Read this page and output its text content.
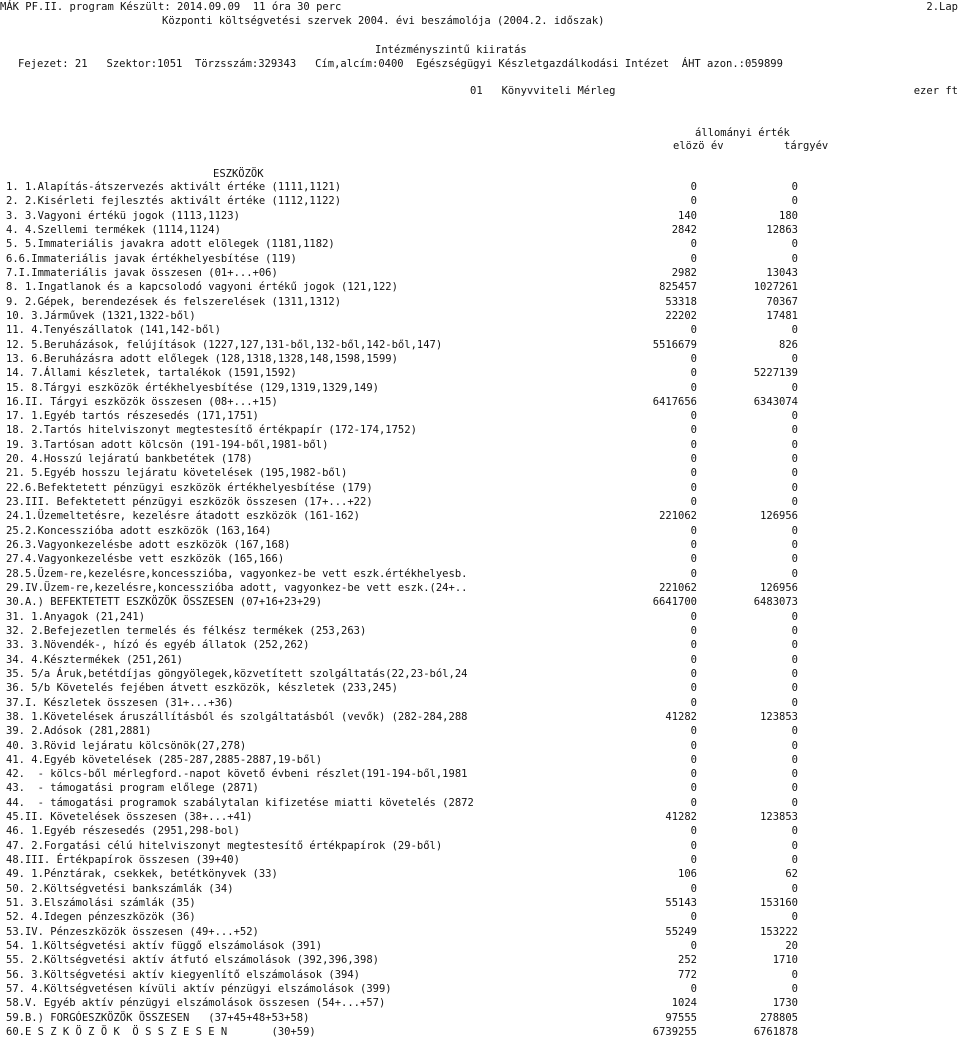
MÁK PF.II. program Készült: 2014.09.09  11 óra 30 perc	2.Lap
Központi költségvetési szervek 2004. évi beszámolója (2004.2. időszak)
Intézményszintű kiiratás
Fejezet: 21   Szektor:1051  Törzsszám:329343   Cím,alcím:0400  Egészségügyi Készletgazdálkodási Intézet  ÁHT azon.:059899
01   Könyvviteli Mérleg	ezer ft
állományi érték
elözö év	tárgyév
ESZKÖZÖK
1. 1.Alapítás-átszervezés aktivált értéke (1111,1121)	0	0
2. 2.Kisérleti fejlesztés aktivált értéke (1112,1122)	0	0
3. 3.Vagyoni értékü jogok (1113,1123)	140	180
4. 4.Szellemi termékek (1114,1124)	2842	12863
5. 5.Immateriális javakra adott elölegek (1181,1182)	0	0
6.6.Immateriális javak értékhelyesbítése (119)	0	0
7.I.Immateriális javak összesen (01+...+06)	2982	13043
8. 1.Ingatlanok és a kapcsolodó vagyoni értékű jogok (121,122)	825457	1027261
9. 2.Gépek, berendezések és felszerelések (1311,1312)	53318	70367
10. 3.Járművek (1321,1322-ből)	22202	17481
11. 4.Tenyészállatok (141,142-ből)	0	0
12. 5.Beruházások, felújítások (1227,127,131-ből,132-ből,142-ből,147)	5516679	826
13. 6.Beruházásra adott előlegek (128,1318,1328,148,1598,1599)	0	0
14. 7.Állami készletek, tartalékok (1591,1592)	0	5227139
15. 8.Tárgyi eszközök értékhelyesbítése (129,1319,1329,149)	0	0
16.II. Tárgyi eszközök összesen (08+...+15)	6417656	6343074
17. 1.Egyéb tartós részesedés (171,1751)	0	0
18. 2.Tartós hitelviszonyt megtestesítő értékpapír (172-174,1752)	0	0
19. 3.Tartósan adott kölcsön (191-194-ből,1981-ből)	0	0
20. 4.Hosszú lejáratú bankbetétek (178)	0	0
21. 5.Egyéb hosszu lejáratu követelések (195,1982-ből)	0	0
22.6.Befektetett pénzügyi eszközök értékhelyesbítése (179)	0	0
23.III. Befektetett pénzügyi eszközök összesen (17+...+22)	0	0
24.1.Üzemeltetésre, kezelésre átadott eszközök (161-162)	221062	126956
25.2.Koncesszióba adott eszközök (163,164)	0	0
26.3.Vagyonkezelésbe adott eszközök (167,168)	0	0
27.4.Vagyonkezelésbe vett eszközök (165,166)	0	0
28.5.Üzem-re,kezelésre,koncesszióba, vagyonkez-be vett eszk.értékhelyesb.	0	0
29.IV.Üzem-re,kezelésre,koncesszióba adott, vagyonkez-be vett eszk.(24+..	221062	126956
30.A.) BEFEKTETETT ESZKÖZÖK ÖSSZESEN (07+16+23+29)	6641700	6483073
31. 1.Anyagok (21,241)	0	0
32. 2.Befejezetlen termelés és félkész termékek (253,263)	0	0
33. 3.Növendék-, hízó és egyéb állatok (252,262)	0	0
34. 4.Késztermékek (251,261)	0	0
35. 5/a Áruk,betétdíjas göngyölegek,közvetített szolgáltatás(22,23-ból,24	0	0
36. 5/b Követelés fejében átvett eszközök, készletek (233,245)	0	0
37.I. Készletek összesen (31+...+36)	0	0
38. 1.Követelések áruszállításból és szolgáltatásból (vevők) (282-284,288	41282	123853
39. 2.Adósok (281,2881)	0	0
40. 3.Rövid lejáratu kölcsönök(27,278)	0	0
41. 4.Egyéb követelések (285-287,2885-2887,19-ből)	0	0
42.  - kölcs-ből mérlegford.-napot követő évbeni részlet(191-194-ből,1981	0	0
43.  - támogatási program előlege (2871)	0	0
44.  - támogatási programok szabálytalan kifizetése miatti követelés (2872	0	0
45.II. Követelések összesen (38+...+41)	41282	123853
46. 1.Egyéb részesedés (2951,298-bol)	0	0
47. 2.Forgatási célú hitelviszonyt megtestesítő értékpapírok (29-ből)	0	0
48.III. Értékpapírok összesen (39+40)	0	0
49. 1.Pénztárak, csekkek, betétkönyvek (33)	106	62
50. 2.Költségvetési bankszámlák (34)	0	0
51. 3.Elszámolási számlák (35)	55143	153160
52. 4.Idegen pénzeszközök (36)	0	0
53.IV. Pénzeszközök összesen (49+...+52)	55249	153222
54. 1.Költségvetési aktív függő elszámolások (391)	0	20
55. 2.Költségvetési aktív átfutó elszámolások (392,396,398)	252	1710
56. 3.Költségvetési aktív kiegyenlítő elszámolások (394)	772	0
57. 4.Költségvetésen kívüli aktív pénzügyi elszámolások (399)	0	0
58.V. Egyéb aktív pénzügyi elszámolások összesen (54+...+57)	1024	1730
59.B.) FORGÓESZKÖZÖK ÖSSZESEN   (37+45+48+53+58)	97555	278805
60.E S Z K Ö Z Ö K  Ö S S Z E S E N       (30+59)	6739255	6761878
